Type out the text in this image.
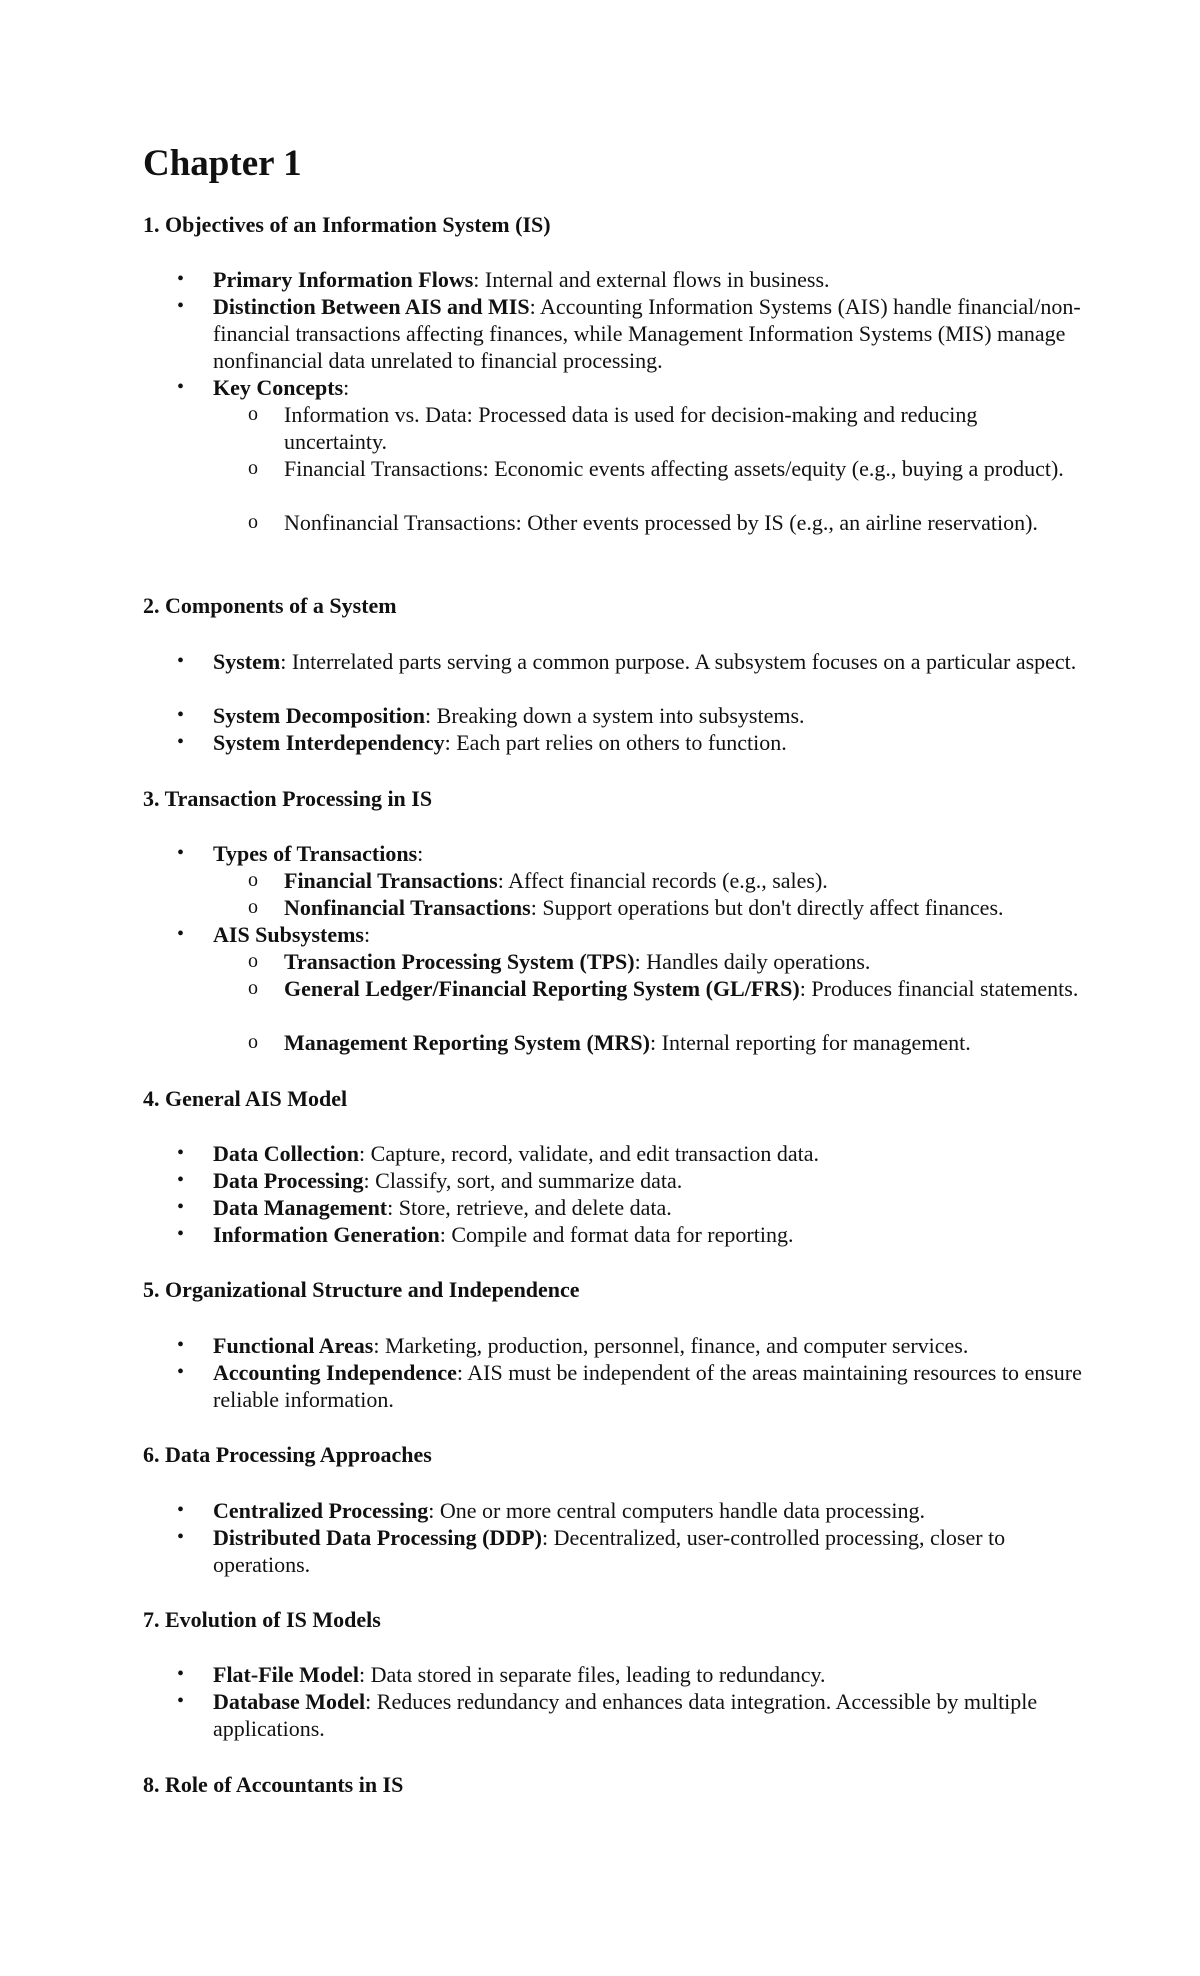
Chapter 1
1. Objectives of an Information System (IS)
• Primary Information Flows: Internal and external flows in business.
• Distinction Between AIS and MIS: Accounting Information Systems (AIS) handle financial/non-financial transactions affecting finances, while Management Information Systems (MIS) manage nonfinancial data unrelated to financial processing.
• Key Concepts:
o Information vs. Data: Processed data is used for decision-making and reducing uncertainty.
o Financial Transactions: Economic events affecting assets/equity (e.g., buying a product).
o Nonfinancial Transactions: Other events processed by IS (e.g., an airline reservation).
2. Components of a System
• System: Interrelated parts serving a common purpose. A subsystem focuses on a particular aspect.
• System Decomposition: Breaking down a system into subsystems.
• System Interdependency: Each part relies on others to function.
3. Transaction Processing in IS
• Types of Transactions:
o Financial Transactions: Affect financial records (e.g., sales).
o Nonfinancial Transactions: Support operations but don't directly affect finances.
• AIS Subsystems:
o Transaction Processing System (TPS): Handles daily operations.
o General Ledger/Financial Reporting System (GL/FRS): Produces financial statements.
o Management Reporting System (MRS): Internal reporting for management.
4. General AIS Model
• Data Collection: Capture, record, validate, and edit transaction data.
• Data Processing: Classify, sort, and summarize data.
• Data Management: Store, retrieve, and delete data.
• Information Generation: Compile and format data for reporting.
5. Organizational Structure and Independence
• Functional Areas: Marketing, production, personnel, finance, and computer services.
• Accounting Independence: AIS must be independent of the areas maintaining resources to ensure reliable information.
6. Data Processing Approaches
• Centralized Processing: One or more central computers handle data processing.
• Distributed Data Processing (DDP): Decentralized, user-controlled processing, closer to operations.
7. Evolution of IS Models
• Flat-File Model: Data stored in separate files, leading to redundancy.
• Database Model: Reduces redundancy and enhances data integration. Accessible by multiple applications.
8. Role of Accountants in IS
